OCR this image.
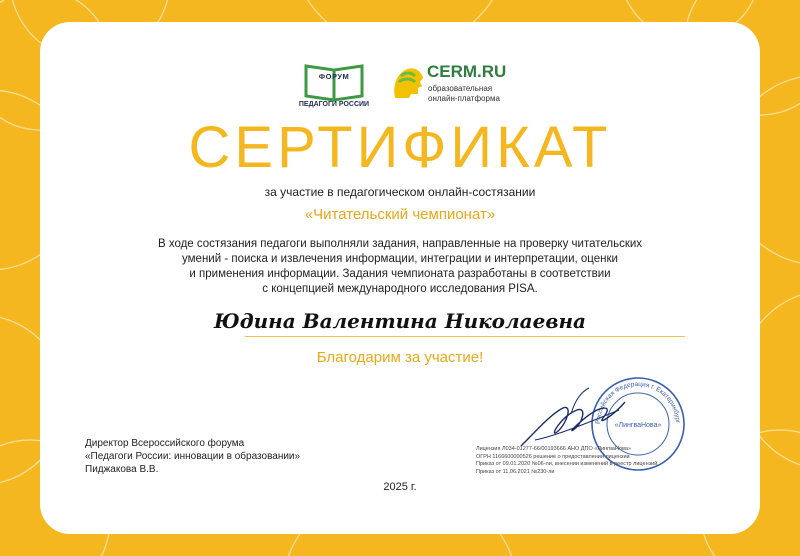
ФОРУМ
ПЕДАГОГИ РОССИИ
CERM.RU
образовательная
онлайн-платформа
СЕРТИФИКАТ
за участие в педагогическом онлайн-состязании
«Читательский чемпионат»
В ходе состязания педагоги выполняли задания, направленные на проверку читательских
умений - поиска и извлечения информации, интеграции и интерпретации, оценки
и применения информации. Задания чемпионата разработаны в соответствии
с концепцией международного исследования PISA.
Юдина Валентина Николаевна
Благодарим за участие!
Директор Всероссийского форума
«Педагоги России: инновации в образовании»
Пиджакова В.В.
2025 г.
Российская Федерация г. Екатеринбург
«ЛингваНова»
Лицензия Л034-01277-66/00193666 АНО ДПО «ЛингваНова»
ОГРН 1166600000526 решение о предоставлении лицензии
Приказ от 09.01.2020 №06-ли, внесении изменений в реестр лицензий
Приказ от 11.06.2021 №230-ли
